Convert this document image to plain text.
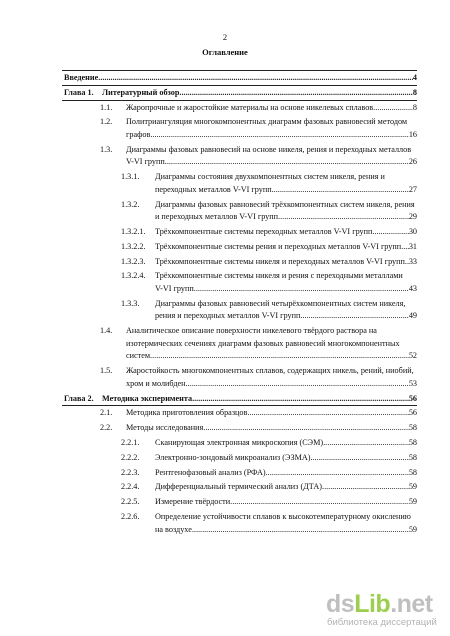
2
Оглавление
Введение .....	4
Глава 1. Литературный обзор .....	8
1.1. Жаропрочные и жаростойкие материалы на основе никелевых сплавов .....	8
1.2. Политриангуляция многокомпонентных диаграмм фазовых равновесий методом
графов .....	16
1.3. Диаграммы фазовых равновесий на основе никеля, рения и переходных металлов
V-VI групп .....	26
1.3.1. Диаграммы состояния двухкомпонентных систем никеля, рения и
переходных металлов V-VI групп .....	27
1.3.2. Диаграммы фазовых равновесий трёхкомпонентных систем никеля, рения
и переходных металлов V-VI групп .....	29
1.3.2.1. Трёхкомпонентные системы переходных металлов V-VI групп .....	30
1.3.2.2. Трёхкомпонентные системы рения и переходных металлов V-VI групп ..... 31
1.3.2.3. Трёхкомпонентные системы никеля и переходных металлов V-VI групп ..... 33
1.3.2.4. Трёхкомпонентные системы никеля и рения с переходными металлами
V-VI групп .....	43
1.3.3. Диаграммы фазовых равновесий четырёхкомпонентных систем никеля,
рения и переходных металлов V-VI групп .....	49
1.4. Аналитическое описание поверхности никелевого твёрдого раствора на
изотермических сечениях диаграмм фазовых равновесий многокомпонентных
систем .....	52
1.5. Жаростойкость многокомпонентных сплавов, содержащих никель, рений, ниобий,
хром и молибден .....	53
Глава 2. Методика эксперимента .....	56
2.1. Методика приготовления образцов .....	56
2.2. Методы исследования .....	58
2.2.1. Сканирующая электронная микроскопия (СЭМ) .....	58
2.2.2. Электронно-зондовый микроанализ (ЭЗМА) .....	58
2.2.3. Рентгенофазовый анализ (РФА) .....	58
2.2.4. Дифференциальный термический анализ (ДТА) .....	59
2.2.5. Измерение твёрдости .....	59
2.2.6. Определение устойчивости сплавов к высокотемпературному окислению
на воздухе .....	59
dsLib.net
библиотека диссертаций
